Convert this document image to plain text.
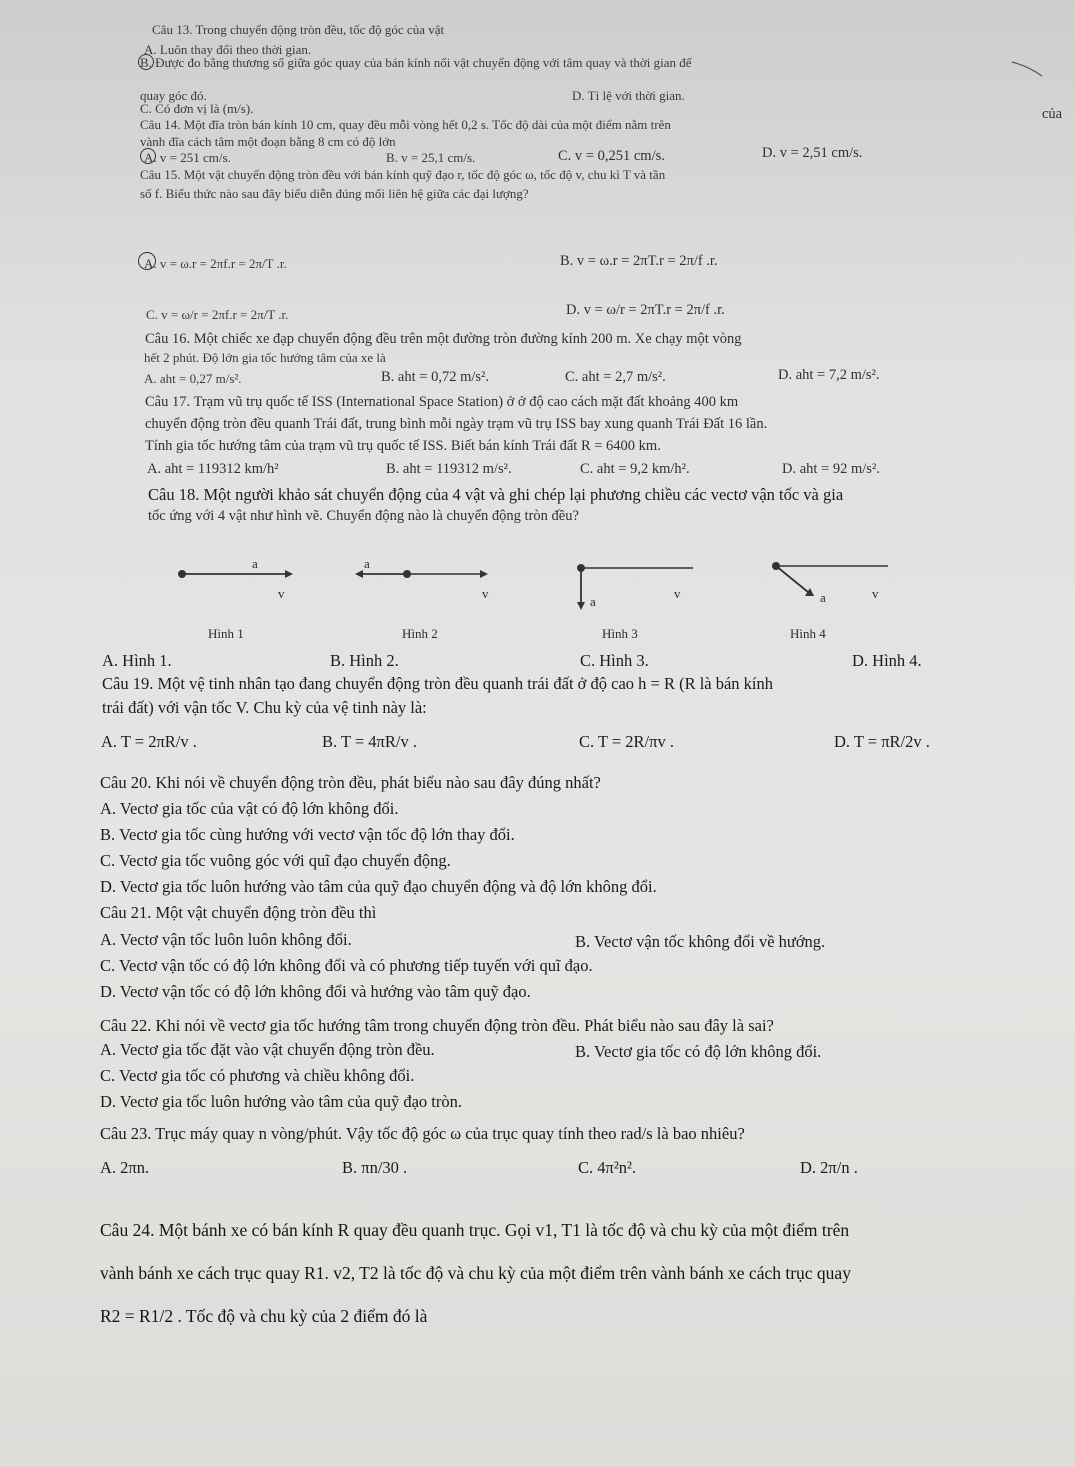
Câu 13. Trong chuyển động tròn đều, tốc độ góc của vật
A. Luôn thay đổi theo thời gian.
B. Được đo bằng thương số giữa góc quay của bán kính nối vật chuyển động với tâm quay và thời gian để
quay góc đó.
C. Có đơn vị là (m/s).
D. Tỉ lệ với thời gian.
Câu 14. Một đĩa tròn bán kính 10 cm, quay đều mỗi vòng hết 0,2 s. Tốc độ dài của một điểm nằm trên
của
vành đĩa cách tâm một đoạn bằng 8 cm có độ lớn
A. v = 251 cm/s.	B. v = 25,1 cm/s.	C. v = 0,251 cm/s.	D. v = 2,51 cm/s.
Câu 15. Một vật chuyển động tròn đều với bán kính quỹ đạo r, tốc độ góc ω, tốc độ v, chu kì T và tần
số f. Biểu thức nào sau đây biểu diễn đúng mối liên hệ giữa các đại lượng?
A. v = ω.r = 2πf.r = 2π/T .r.	B. v = ω.r = 2πT.r = 2π/f .r.
C. v = ω/r = 2πf.r = 2π/T .r.	D. v = ω/r = 2πT.r = 2π/f .r.
Câu 16. Một chiếc xe đạp chuyển động đều trên một đường tròn đường kính 200 m. Xe chạy một vòng
hết 2 phút. Độ lớn gia tốc hướng tâm của xe là
A. aht = 0,27 m/s².	B. aht = 0,72 m/s².	C. aht = 2,7 m/s².	D. aht = 7,2 m/s².
Câu 17. Trạm vũ trụ quốc tế ISS (International Space Station) ở ở độ cao cách mặt đất khoảng 400 km
chuyển động tròn đều quanh Trái đất, trung bình mỗi ngày trạm vũ trụ ISS bay xung quanh Trái Đất 16 lần.
Tính gia tốc hướng tâm của trạm vũ trụ quốc tế ISS. Biết bán kính Trái đất R = 6400 km.
A. aht = 119312 km/h²	B. aht = 119312 m/s².	C. aht = 9,2 km/h².	D. aht = 92 m/s².
Câu 18. Một người khảo sát chuyển động của 4 vật và ghi chép lại phương chiều các vectơ vận tốc và gia
tốc ứng với 4 vật như hình vẽ. Chuyển động nào là chuyển động tròn đều?
a
v
a
v
a
v	a	v
Hình 1	Hình 2	Hình 3	Hình 4
A. Hình 1.	B. Hình 2.	C. Hình 3.	D. Hình 4.
Câu 19. Một vệ tinh nhân tạo đang chuyển động tròn đều quanh trái đất ở độ cao h = R (R là bán kính
trái đất) với vận tốc V. Chu kỳ của vệ tinh này là:
A. T = 2πR/v .	B. T = 4πR/v .	C. T = 2R/πv .	D. T = πR/2v .
Câu 20. Khi nói về chuyển động tròn đều, phát biểu nào sau đây đúng nhất?
A. Vectơ gia tốc của vật có độ lớn không đổi.
B. Vectơ gia tốc cùng hướng với vectơ vận tốc độ lớn thay đổi.
C. Vectơ gia tốc vuông góc với quĩ đạo chuyển động.
D. Vectơ gia tốc luôn hướng vào tâm của quỹ đạo chuyển động và độ lớn không đổi.
Câu 21. Một vật chuyển động tròn đều thì
A. Vectơ vận tốc luôn luôn không đổi.	B. Vectơ vận tốc không đổi về hướng.
C. Vectơ vận tốc có độ lớn không đổi và có phương tiếp tuyến với quĩ đạo.
D. Vectơ vận tốc có độ lớn không đổi và hướng vào tâm quỹ đạo.
Câu 22. Khi nói về vectơ gia tốc hướng tâm trong chuyển động tròn đều. Phát biểu nào sau đây là sai?
A. Vectơ gia tốc đặt vào vật chuyển động tròn đều.	B. Vectơ gia tốc có độ lớn không đổi.
C. Vectơ gia tốc có phương và chiều không đổi.
D. Vectơ gia tốc luôn hướng vào tâm của quỹ đạo tròn.
Câu 23. Trục máy quay n vòng/phút. Vậy tốc độ góc ω của trục quay tính theo rad/s là bao nhiêu?
A. 2πn.	B. πn/30 .	C. 4π²n².	D. 2π/n .
Câu 24. Một bánh xe có bán kính R quay đều quanh trục. Gọi v1, T1 là tốc độ và chu kỳ của một điểm trên
vành bánh xe cách trục quay R1. v2, T2 là tốc độ và chu kỳ của một điểm trên vành bánh xe cách trục quay
R2 = R1/2 . Tốc độ và chu kỳ của 2 điểm đó là
